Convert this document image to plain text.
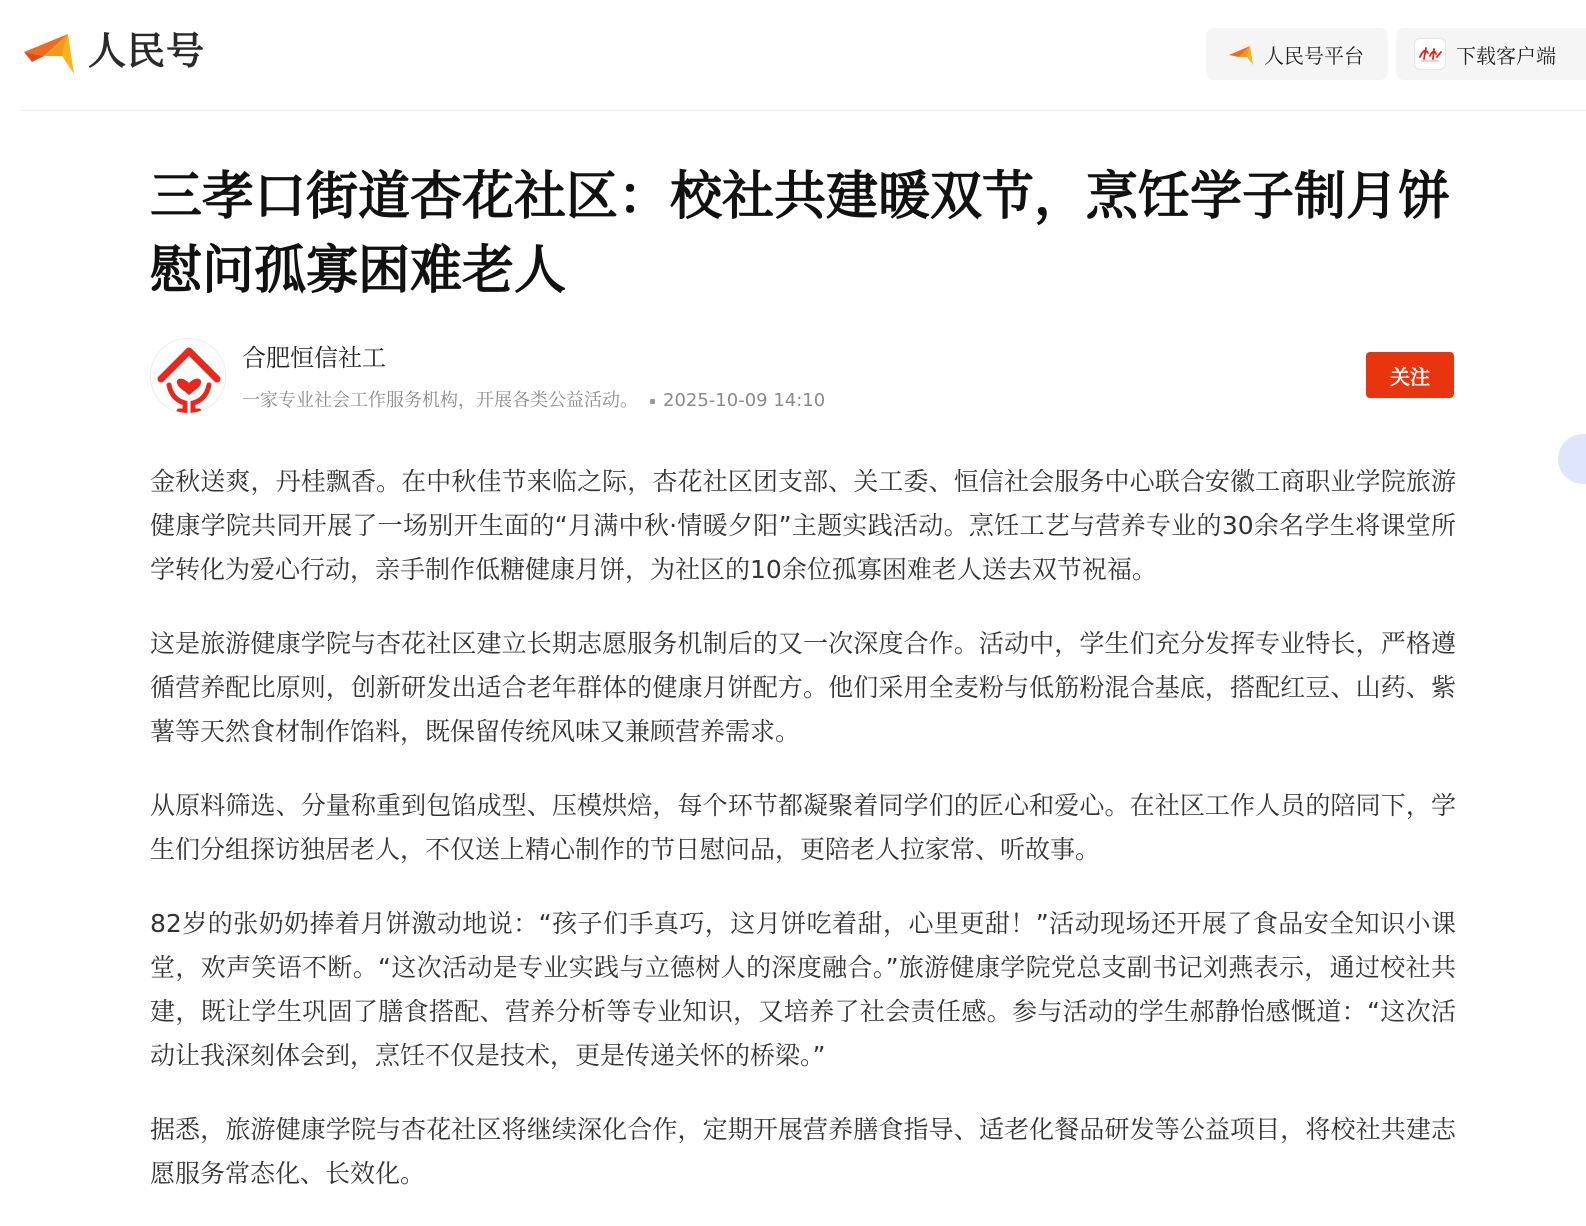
人民号	人民号平台	下载客户端
三孝口街道杏花社区：校社共建暖双节，烹饪学子制月饼慰问孤寡困难老人
合肥恒信社工
一家专业社会工作服务机构，开展各类公益活动。 2025-10-09 14:10
关注

金秋送爽，丹桂飘香。在中秋佳节来临之际，杏花社区团支部、关工委、恒信社会服务中心联合安徽工商职业学院旅游健康学院共同开展了一场别开生面的“月满中秋·情暖夕阳”主题实践活动。烹饪工艺与营养专业的30余名学生将课堂所学转化为爱心行动，亲手制作低糖健康月饼，为社区的10余位孤寡困难老人送去双节祝福。

这是旅游健康学院与杏花社区建立长期志愿服务机制后的又一次深度合作。活动中，学生们充分发挥专业特长，严格遵循营养配比原则，创新研发出适合老年群体的健康月饼配方。他们采用全麦粉与低筋粉混合基底，搭配红豆、山药、紫薯等天然食材制作馅料，既保留传统风味又兼顾营养需求。

从原料筛选、分量称重到包馅成型、压模烘焙，每个环节都凝聚着同学们的匠心和爱心。在社区工作人员的陪同下，学生们分组探访独居老人，不仅送上精心制作的节日慰问品，更陪老人拉家常、听故事。

82岁的张奶奶捧着月饼激动地说：“孩子们手真巧，这月饼吃着甜，心里更甜！”活动现场还开展了食品安全知识小课堂，欢声笑语不断。“这次活动是专业实践与立德树人的深度融合。”旅游健康学院党总支副书记刘燕表示，通过校社共建，既让学生巩固了膳食搭配、营养分析等专业知识，又培养了社会责任感。参与活动的学生郝静怡感慨道：“这次活动让我深刻体会到，烹饪不仅是技术，更是传递关怀的桥梁。”

据悉，旅游健康学院与杏花社区将继续深化合作，定期开展营养膳食指导、适老化餐品研发等公益项目，将校社共建志愿服务常态化、长效化。
